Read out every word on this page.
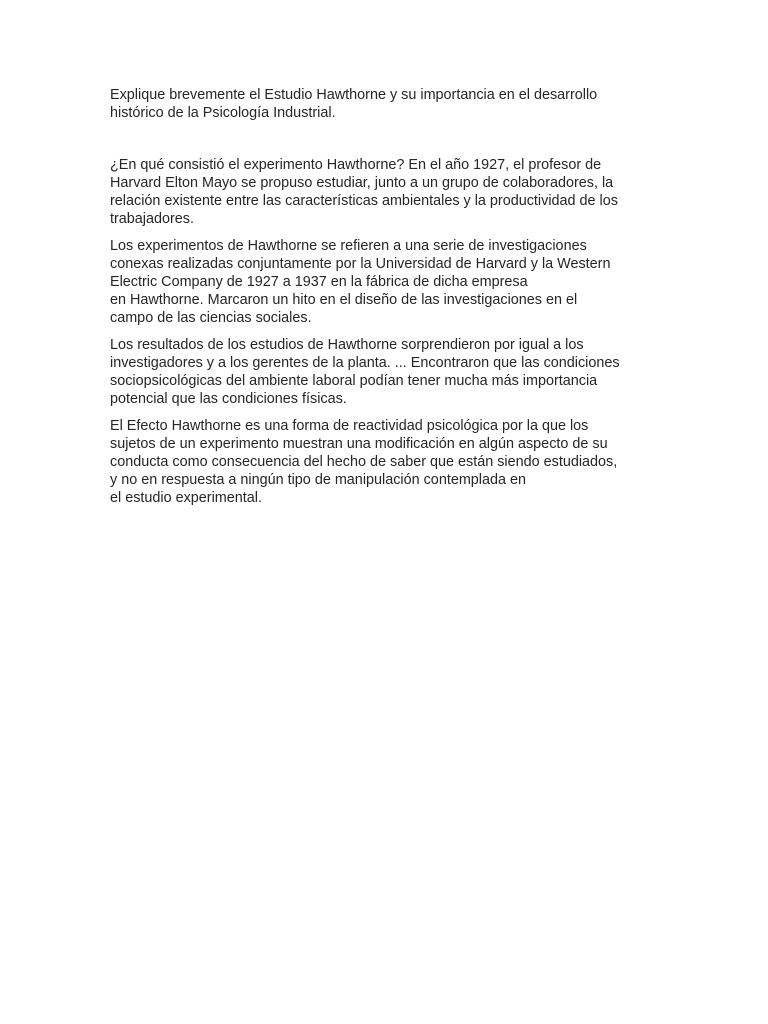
Explique brevemente el Estudio Hawthorne y su importancia en el desarrollo
histórico de la Psicología Industrial.

¿En qué consistió el experimento Hawthorne? En el año 1927, el profesor de
Harvard Elton Mayo se propuso estudiar, junto a un grupo de colaboradores, la
relación existente entre las características ambientales y la productividad de los
trabajadores.

Los experimentos de Hawthorne se refieren a una serie de investigaciones
conexas realizadas conjuntamente por la Universidad de Harvard y la Western
Electric Company de 1927 a 1937 en la fábrica de dicha empresa
en Hawthorne. Marcaron un hito en el diseño de las investigaciones en el
campo de las ciencias sociales.

Los resultados de los estudios de Hawthorne sorprendieron por igual a los
investigadores y a los gerentes de la planta. ... Encontraron que las condiciones
sociopsicológicas del ambiente laboral podían tener mucha más importancia
potencial que las condiciones físicas.

El Efecto Hawthorne es una forma de reactividad psicológica por la que los
sujetos de un experimento muestran una modificación en algún aspecto de su
conducta como consecuencia del hecho de saber que están siendo estudiados,
y no en respuesta a ningún tipo de manipulación contemplada en
el estudio experimental.
